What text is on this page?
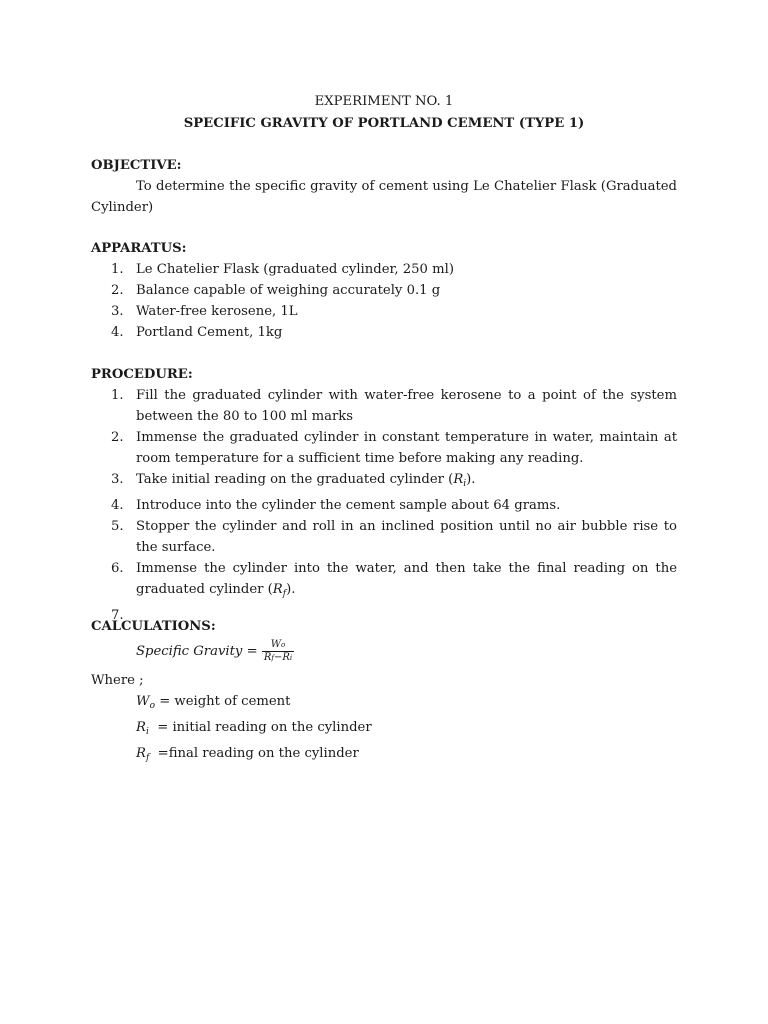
EXPERIMENT NO. 1
SPECIFIC GRAVITY OF PORTLAND CEMENT (TYPE 1)
OBJECTIVE:
To determine the specific gravity of cement using Le Chatelier Flask (Graduated Cylinder)
APPARATUS:
1. Le Chatelier Flask (graduated cylinder, 250 ml)
2. Balance capable of weighing accurately 0.1 g
3. Water-free kerosene, 1L
4. Portland Cement, 1kg
PROCEDURE:
1. Fill the graduated cylinder with water-free kerosene to a point of the system between the 80 to 100 ml marks
2. Immense the graduated cylinder in constant temperature in water, maintain at room temperature for a sufficient time before making any reading.
3. Take initial reading on the graduated cylinder $(R_i)$.
4. Introduce into the cylinder the cement sample about 64 grams.
5. Stopper the cylinder and roll in an inclined position until no air bubble rise to the surface.
6. Immense the cylinder into the water, and then take the final reading on the graduated cylinder $(R_f)$.
7.

CALCULATIONS:
Specific Gravity = $\frac{Wo}{Rf-Ri}$
Where ;
$W_o$ = weight of cement
$R_i$ = initial reading on the cylinder
$R_f$ =final reading on the cylinder
